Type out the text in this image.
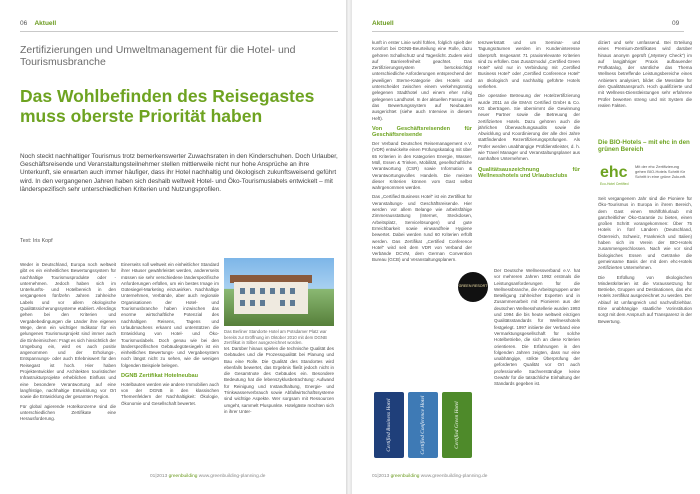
06 Aktuell
Zertifizierungen und Umweltmanagement für die Hotel- und Tourismusbranche
Das Wohlbefinden des Reisegastes muss oberste Priorität haben
Noch steckt nachhaltiger Tourismus trotz bemerkenswerter Zuwachsraten in den Kinderschuhen. Doch Urlauber, Geschäftsreisende und Veranstaltungsteilnehmer stellen mittlerweile nicht nur hohe Ansprüche an ihre Unterkunft, sie erwarten auch immer häufiger, dass ihr Hotel nachhaltig und ökologisch zukunftsweisend geführt wird. In den vergangenen Jahren haben sich deshalb weltweit Hotel- und Öko-Tourismuslabels entwickelt – mit länderspezifisch sehr unterschiedlichen Kriterien und Nutzungsprofilen.
Text: Iris Kopf

Weder in Deutschland, Europa noch weltweit gibt es ein einheitliches Bewertungssystem für nachhaltige Tourismusprodukte oder -unternehmen. Jedoch haben sich im Unterkunfts- und Hotelbereich in den vergangenen fünfzehn Jahren zahlreiche Labels und vor allem ökologische Qualitätssicherungssysteme etabliert. Allerdings gehen bei den Kriterien und Vergabebedingungen die Länder ihre eigenen Wege, denn ein wichtiger Indikator für ein gelungenes Tourismusprojekt sind immer auch die Einheimischen: Fragt es sich hinsichtlich der Umgebung ein, wird es auch positiv angenommen und der Erholungs-, Entspannungs- oder auch Erlebniswert für den Reisegast ist hoch. Hier haben Projektentwickler und Architekten touristischer Infrastrukturprojekte erheblichen Einfluss und eine besondere Verantwortung auf eine langfristige, nachhaltige Entwicklung vor Ort sowie die Entwicklung der gesamten Region.

Für global agierende Hotelkonzerne sind die unterschiedlichen Zertifikate eine Herausforderung.

Einerseits soll weltweit ein einheitlicher Standard ihrer Häuser gewährleistet werden, andererseits müssen sie sehr verschiedene länderspezifische Anforderungen erfüllen, um ein bestes Image im Gütesiegel-Marketing einzuwirken. Nachhaltige Unternehmen, Verbände, aber auch regionale Organisationen der Hotel- und Tourismusbranche haben inzwischen das enorme wirtschaftliche Potenzial des nachhaltigen Reisens, Tagens und Urlaubmachens erkannt und unterstützen die Entwicklung von Hotel- und Öko-Tourismuslabels. Doch genau wie bei den länderspezifischen Gebäudegütesiegeln ist ein einheitliches Bewertungs- und Vergabesystem noch längst nicht zu sehen, wie die wenigen folgenden Beispiele belegen.

DGNB Zertifikat Hotelneubau

Hotelbauten werden wie andere Immobilien auch von der DGNB in den klassischen Themenfeldern der Nachhaltigkeit: Ökologie, Ökonomie und Gesellschaft bewertet.

Das Berliner Standorte Hotel am Potsdamer Platz war bereits zur Eröffnung im Oktober 2010 mit dem DGNB Zertifikat in Silber ausgezeichnet worden.

tet. Darüber hinaus spielen die technische Qualität des Gebäudes und die Prozessqualität bei Planung und Bau eine Rolle. Die Qualität des Standortes wird ebenfalls bewertet, das Ergebnis fließt jedoch nicht in die Gesamtnote des Gebäudes ein. Besondere Bedeutung hat die lebenszyklusbetrachtung: Aufwand für Reinigung und Instandhaltung, Energie- und Trinkwasserverbrauch sowie Abfallwirtschaftssysteme sind wichtige Aspekte. Wer sorgsam mit Ressourcen umgeht, sammelt Pluspunkte. Hotelgäste möchten sich in ihrer Unter-

01|2013 greenbuilding www.greenbuilding-planning.de
Aktuell	09

kunft in erster Linie wohl fühlen, folglich spielt der Komfort bei DGNB-Beurteilung eine Rolle, dazu gehören Schallschutz und Tageslicht. Zudem wird auf Barrierefreiheit geachtet. Das Zertifizierungssystem berücksichtigt unterschiedliche Anforderungen entsprechend der jeweiligen Sterne-Kategorie des Hotels und unterscheidet zwischen einem verkehrsgünstig gelegenen Stadthotel und einem eher ruhig gelegenen Landhotel. In der aktuellen Fassung ist das Bewertungssystem auf Neubauten ausgerichtet (siehe auch Interview in diesem Heft).

Von Geschäftsreisenden für Geschäftsreisende

Der Verband Deutsches Reisemanagement e.V. (VDR) entwickelte einen Prüfungskatalog mit über 65 Kriterien in den Kategorien Energie, Wasser, Müll, Essen & Trinken, Mobilität, gesellschaftliche Verantwortung (CSR) sowie Information & Verantwortungsvolles Handeln. Die meisten dieser Kriterien können vom Gast selbst wahrgenommen werden.

Das „Certified Business Hotel" ist ein Zertifikat für Veranstaltungs- und Geschäftsreisende. Hier werden vor allem Belange wie arbeitsfähige Zimmerausstattung (Internet, Steckdosen, Arbeitsplatz, Servicelösungen) und gute Erreichbarkeit sowie einwandfreie Hygiene bewertet. Dabei werden rund 60 Kriterien erfüllt werden. Das Zertifikat „Certified Conference Hotel" wird seit dem VDR von Verband der Verbände DCVM, dem German Convention Bureau (GCB) und Veranstaltungsplanern.

Certified Business Hotel	Certified Conference Hotel	Certified Green Hotel

tenzwerkstatt und um Seminar- und Tagungsräumen werden im Kundeninteresse überprüft. Insgesamt 71 praxisrelevante Kriterien sind zu erfüllen. Das Zusatzmodul „Certified Green Hotel" wird nur in Verbindung mit „Certified Business Hotel" oder „Certified Conference Hotel" an ökologisch und nachhaltig geführte Hotels verliehen.

Die operative Betreuung der Hotelzertifizierung wurde 2011 an die EMAS Certified GmbH & Co. KG übertragen. Sie übernimmt die Gewinnung neuer Partner sowie die Betreuung der zertifizierten Hotels. Dazu gehören auch die jährlichen Überwachungsaudits sowie die Abwicklung und Koordinierung der alle drei Jahre stattfindenden Rezertifizierungsprüfungen. Als Prüfer werden unabhängige Prüfdienstleister, d. h. wie Travel Manager und Veranstaltungsplaner aus namhaften Unternehmen.

Qualitätsauszeichnung für Wellnesshotels und Urlaubsclubs
GREEN RESORT

Der Deutsche Wellnessverband e.V. hat vor mehreren Jahren 1992 erstmals die Leistungsanforderungen für die Wellnessbranche, die Arbeitsgruppen unter Beteiligung zahlreicher Experten und in Zusammenarbeit mit Pionieren aus der deutschen Wellnesshotellerie wurden 1993 und 1994 die bis heute weltweit einzigen Qualitätsstandards für Wellnesshotels festgelegt. 1997 initiierte der Verband eine Vermarktungsgesellschaft für solche Hotelbetriebe, die sich an diese Kriterien orientieren. Die Erfahrungen in den folgenden Jahren zeigten, dass nur eine unabhängige, strikte Überprüfung der geforderten Qualität vor Ort auch professionelle Sachverständige keine Gewähr für die tatsächliche Einhaltung der Standards gegeben ist.

diziert und sehr umfassend. Bei Erteilung eines Premium-Zertifikates wird darüber hinaus anonym geprüft („Mystery Check") im auf langjähriger Praxis aufbauender Prüfkatalog, der sämtliche das Thema Wellness betreffende Leistungsbereiche eines Anbieters analysiert, bildet die Messlatte für den Qualitätsanspruch. Hoch qualifizierte und mit Wellness-Dienstleistungen sehr erfahrene Prüfer bewerten streng und mit System die realen Fakten.

Die BIO-Hotels – mit ehc in den grünen Bereich
ehc
Eco-Hotel Certified
Mit der ehc Zertifizierung gehen BIO-Hotels Schritt für Schritt in eine grüne Zukunft.

Seit vergangenem Jahr sind die Pioniere für Öko-Tourismus in Europa in ihrem Bereich, dem Gast einen Wohlfühlurlaub mit ganzheitlicher Öko-Garantie zu bieten, einen großen Schritt vorangekommen: Über 75 Hotels in fünf Ländern (Deutschland, Österreich, Schweiz, Frankreich und Italien) haben sich im Verein der BIO-Hotels zusammengeschlossen. Nach wie vor sind biologisches Essen und Getränke die gemeinsame Basis der mit dem ehc-Hotels zertifizierten Unternehmen.

Die Erfüllung von ökologischen Mindestkriterien ist die Voraussetzung für Betriebe, Gruppen und Destinationen, das ehc Hotels zertifikat ausgezeichnet zu werden. Der Ablauf ist umfangreich und nachvollziehbar. Eine unabhängige staatliche Vorinstitution sorgt mit dem Anspruch auf Transparenz in der Bewertung.

01|2013 greenbuilding www.greenbuilding-planning.de
